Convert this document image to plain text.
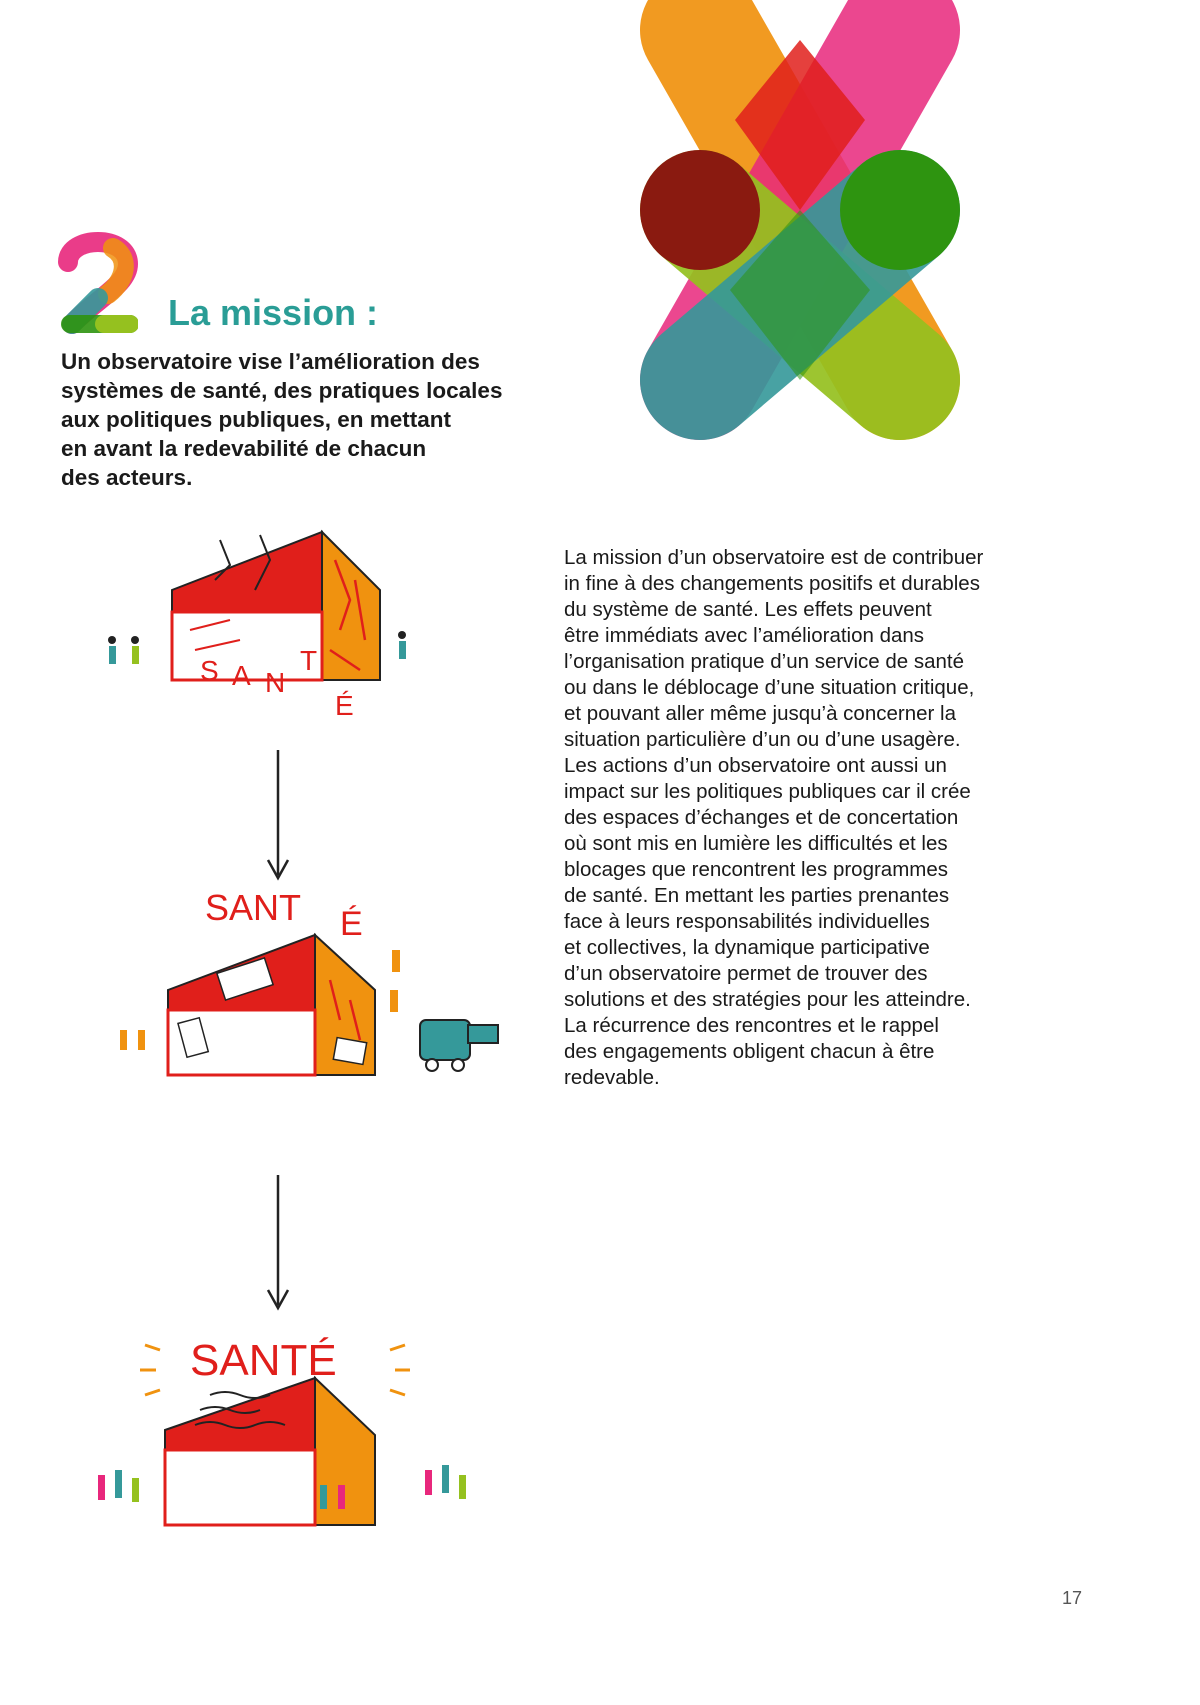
La mission :
Un observatoire vise l’amélioration des
systèmes de santé, des pratiques locales
aux politiques publiques, en mettant
en avant la redevabilité de chacun
des acteurs.
La mission d’un observatoire est de contribuer
in fine à des changements positifs et durables
du système de santé. Les effets peuvent
être immédiats avec l’amélioration dans
l’organisation pratique d’un service de santé
ou dans le déblocage d’une situation critique,
et pouvant aller même jusqu’à concerner la
situation particulière d’un ou d’une usagère.
Les actions d’un observatoire ont aussi un
impact sur les politiques publiques car il crée
des espaces d’échanges et de concertation
où sont mis en lumière les difficultés et les
blocages que rencontrent les programmes
de santé. En mettant les parties prenantes
face à leurs responsabilités individuelles
et collectives, la dynamique participative
d’un observatoire permet de trouver des
solutions et des stratégies pour les atteindre.
La récurrence des rencontres et le rappel
des engagements obligent chacun à être
redevable.
S A N
T
É
SANT É
SANTÉ
17
